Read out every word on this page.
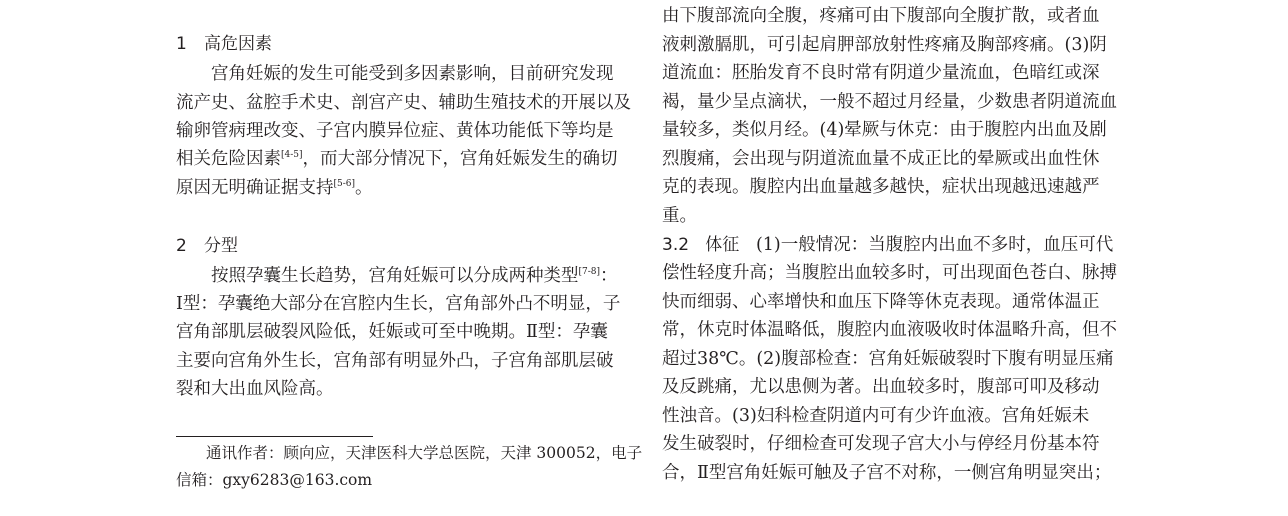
1 高危因素
宫角妊娠的发生可能受到多因素影响，目前研究发现
流产史、盆腔手术史、剖宫产史、辅助生殖技术的开展以及
输卵管病理改变、子宫内膜异位症、黄体功能低下等均是
相关危险因素[4-5]，而大部分情况下，宫角妊娠发生的确切
原因无明确证据支持[5-6]。
2 分型
按照孕囊生长趋势，宫角妊娠可以分成两种类型[7-8]：
Ⅰ型：孕囊绝大部分在宫腔内生长，宫角部外凸不明显，子
宫角部肌层破裂风险低，妊娠或可至中晚期。Ⅱ型：孕囊
主要向宫角外生长，宫角部有明显外凸，子宫角部肌层破
裂和大出血风险高。
通讯作者：顾向应，天津医科大学总医院，天津 300052，电子
信箱：gxy6283@163.com
由下腹部流向全腹，疼痛可由下腹部向全腹扩散，或者血
液刺激膈肌，可引起肩胛部放射性疼痛及胸部疼痛。(3)阴
道流血：胚胎发育不良时常有阴道少量流血，色暗红或深
褐，量少呈点滴状，一般不超过月经量，少数患者阴道流血
量较多，类似月经。(4)晕厥与休克：由于腹腔内出血及剧
烈腹痛，会出现与阴道流血量不成正比的晕厥或出血性休
克的表现。腹腔内出血量越多越快，症状出现越迅速越严
重。
3.2 体征 (1)一般情况：当腹腔内出血不多时，血压可代
偿性轻度升高；当腹腔出血较多时，可出现面色苍白、脉搏
快而细弱、心率增快和血压下降等休克表现。通常体温正
常，休克时体温略低，腹腔内血液吸收时体温略升高，但不
超过38℃。(2)腹部检查：宫角妊娠破裂时下腹有明显压痛
及反跳痛，尤以患侧为著。出血较多时，腹部可叩及移动
性浊音。(3)妇科检查阴道内可有少许血液。宫角妊娠未
发生破裂时，仔细检查可发现子宫大小与停经月份基本符
合，Ⅱ型宫角妊娠可触及子宫不对称，一侧宫角明显突出；
